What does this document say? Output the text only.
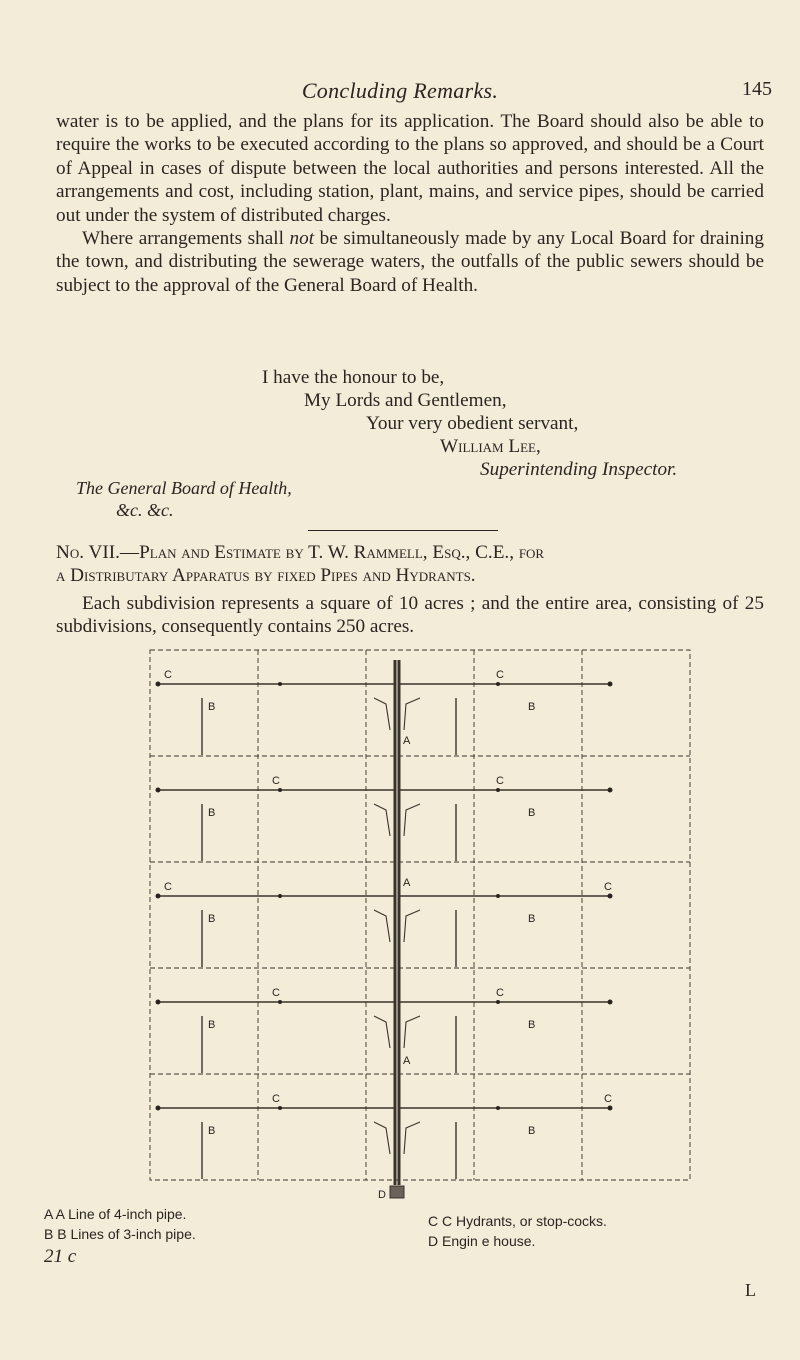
Concluding Remarks.	145

water is to be applied, and the plans for its application. The Board should also be able to require the works to be executed according to the plans so approved, and should be a Court of Appeal in cases of dispute between the local authorities and persons interested. All the arrangements and cost, including station, plant, mains, and service pipes, should be carried out under the system of distributed charges.

Where arrangements shall not be simultaneously made by any Local Board for draining the town, and distributing the sewerage waters, the outfalls of the public sewers should be subject to the approval of the General Board of Health.

I have the honour to be,
My Lords and Gentlemen,
Your very obedient servant,
William Lee,
Superintending Inspector.
The General Board of Health,
&c. &c.
No. VII.—Plan and Estimate by T. W. Rammell, Esq., C.E., for
a Distributary Apparatus by fixed Pipes and Hydrants.
Each subdivision represents a square of 10 acres ; and the entire area, consisting of 25 subdivisions, consequently contains 250 acres.
C	C
C	C
C	C
C	C
C	C
B	B
B	B
B	B
B	B
B	B
A
A
A
D
A A Line of 4-inch pipe.
B B Lines of 3-inch pipe.
21 c
C C Hydrants, or stop-cocks.
D Engin e house.
L
